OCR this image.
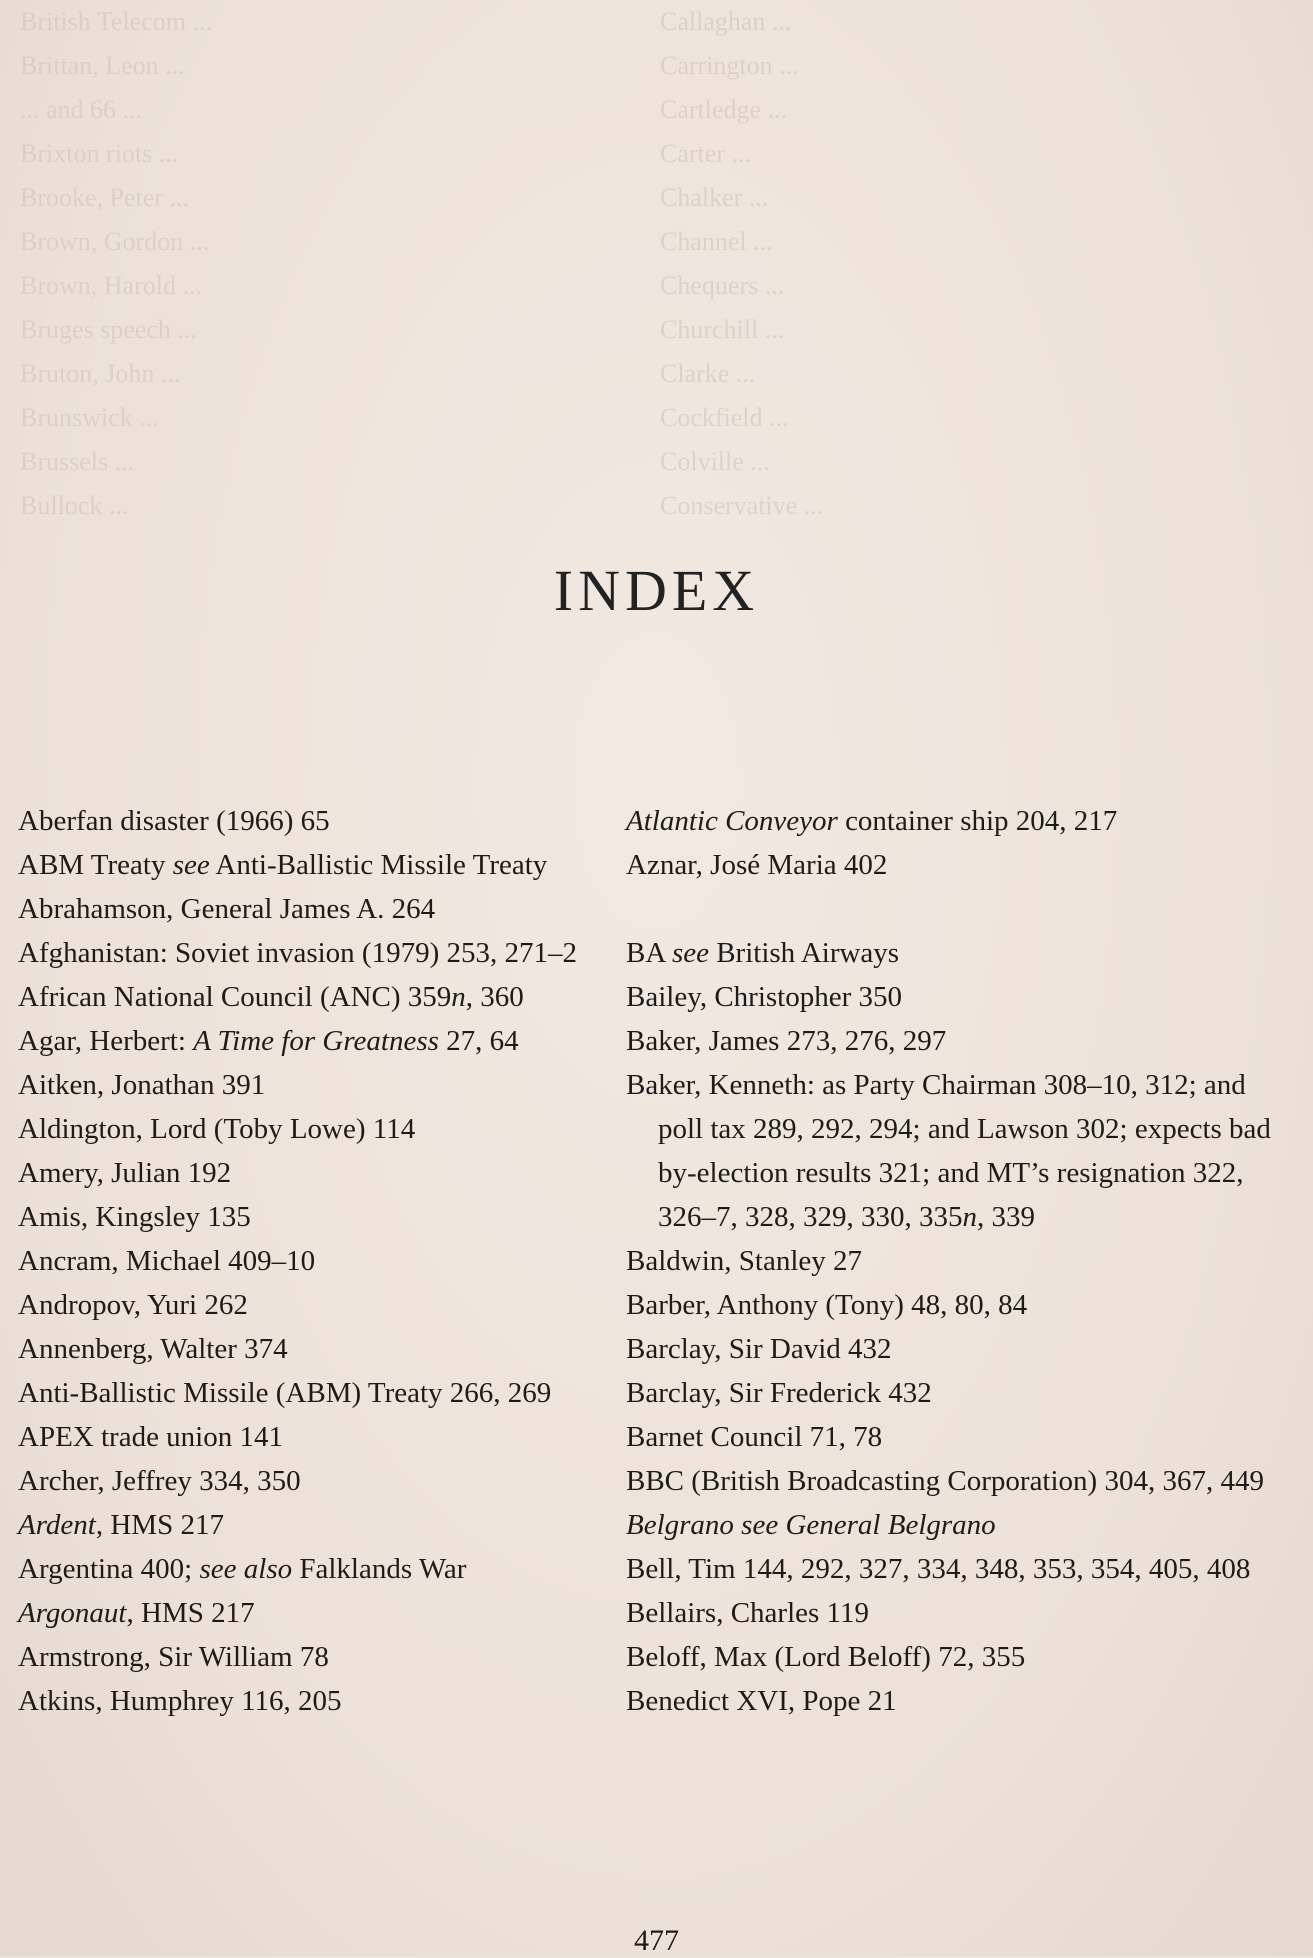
British Telecom ...
Brittan, Leon ...
... and 66 ...
Brixton riots ...
Brooke, Peter ...
Brown, Gordon ...
Brown, Harold ...
Bruges speech ...
Bruton, John ...
Brunswick ...
Brussels ...
Bullock ...
Callaghan ...
Carrington ...
Cartledge ...
Carter ...
Chalker ...
Channel ...
Chequers ...
Churchill ...
Clarke ...
Cockfield ...
Colville ...
Conservative ...
INDEX

Aberfan disaster (1966) 65

ABM Treaty see Anti-Ballistic Missile Treaty

Abrahamson, General James A. 264

Afghanistan: Soviet invasion (1979) 253, 271–2

African National Council (ANC) 359n, 360

Agar, Herbert: A Time for Greatness 27, 64

Aitken, Jonathan 391

Aldington, Lord (Toby Lowe) 114

Amery, Julian 192

Amis, Kingsley 135

Ancram, Michael 409–10

Andropov, Yuri 262

Annenberg, Walter 374

Anti-Ballistic Missile (ABM) Treaty 266, 269

APEX trade union 141

Archer, Jeffrey 334, 350

Ardent, HMS 217

Argentina 400; see also Falklands War

Argonaut, HMS 217

Armstrong, Sir William 78

Atkins, Humphrey 116, 205

Atlantic Conveyor container ship 204, 217

Aznar, José Maria 402

BA see British Airways

Bailey, Christopher 350

Baker, James 273, 276, 297

Baker, Kenneth: as Party Chairman 308–10, 312; and poll tax 289, 292, 294; and Lawson 302; expects bad by-election results 321; and MT’s resignation 322, 326–7, 328, 329, 330, 335n, 339

Baldwin, Stanley 27

Barber, Anthony (Tony) 48, 80, 84

Barclay, Sir David 432

Barclay, Sir Frederick 432

Barnet Council 71, 78

BBC (British Broadcasting Corporation) 304, 367, 449

Belgrano see General Belgrano

Bell, Tim 144, 292, 327, 334, 348, 353, 354, 405, 408

Bellairs, Charles 119

Beloff, Max (Lord Beloff) 72, 355

Benedict XVI, Pope 21

477
